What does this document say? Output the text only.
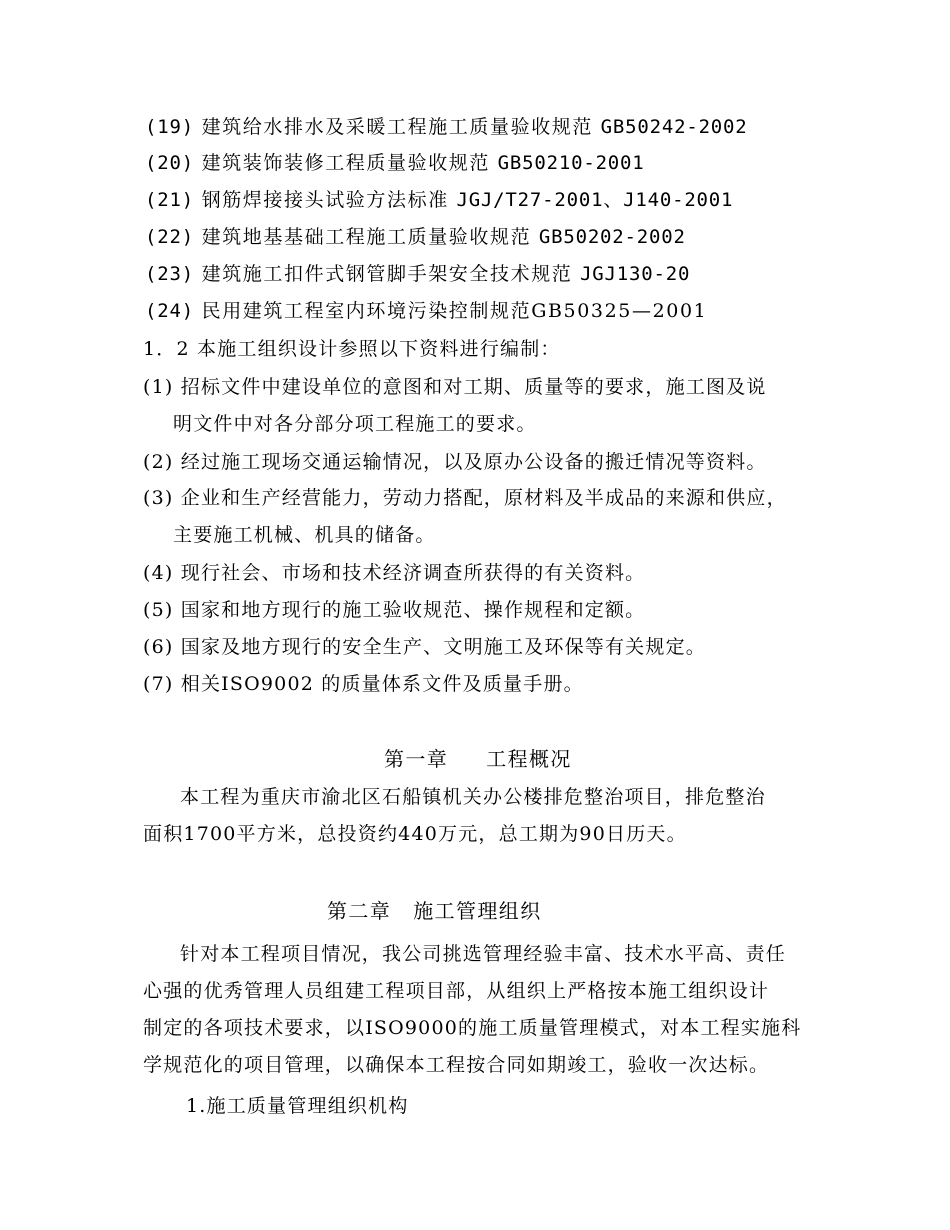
(19) 建筑给水排水及采暖工程施工质量验收规范 GB50242-2002
(20) 建筑装饰装修工程质量验收规范 GB50210-2001
(21) 钢筋焊接接头试验方法标准 JGJ/T27-2001、J140-2001
(22) 建筑地基基础工程施工质量验收规范 GB50202-2002
(23) 建筑施工扣件式钢管脚手架安全技术规范 JGJ130-20
(24) 民用建筑工程室内环境污染控制规范GB50325—2001
1．2 本施工组织设计参照以下资料进行编制：
(1) 招标文件中建设单位的意图和对工期、质量等的要求，施工图及说
明文件中对各分部分项工程施工的要求。
(2) 经过施工现场交通运输情况，以及原办公设备的搬迁情况等资料。
(3) 企业和生产经营能力，劳动力搭配，原材料及半成品的来源和供应，
主要施工机械、机具的储备。
(4) 现行社会、市场和技术经济调查所获得的有关资料。
(5) 国家和地方现行的施工验收规范、操作规程和定额。
(6) 国家及地方现行的安全生产、文明施工及环保等有关规定。
(7) 相关ISO9002 的质量体系文件及质量手册。
第一章 工程概况
本工程为重庆市渝北区石船镇机关办公楼排危整治项目，排危整治
面积1700平方米，总投资约440万元，总工期为90日历天。
第二章 施工管理组织
针对本工程项目情况，我公司挑选管理经验丰富、技术水平高、责任
心强的优秀管理人员组建工程项目部，从组织上严格按本施工组织设计
制定的各项技术要求，以ISO9000的施工质量管理模式，对本工程实施科
学规范化的项目管理，以确保本工程按合同如期竣工，验收一次达标。
1.施工质量管理组织机构
